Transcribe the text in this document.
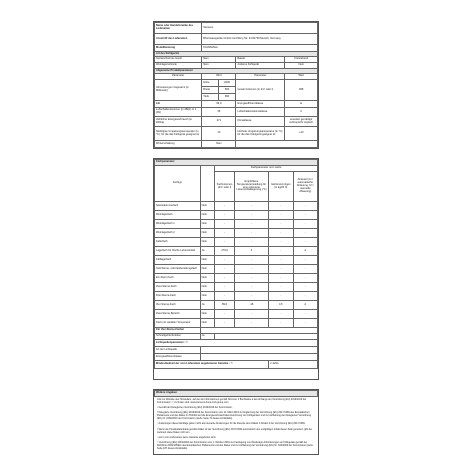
Name oder Handelsmarke des Lieferanten	Siemens			
Anschrift des Lieferanten	BSH Hausgeräte GmbH Carl-Wery-Str. 34 81739 Munich, Germany			
Modellkennung	KG39NVIEA			
Art des Kühlgeräts				
Geräuscharmes Gerät	Nein		Bauart	Freistehend
Weinlagerschrank	Nein		Anderes Kühlgerät	Nein
Allgemeine Produktparameter				
Parameter	Wert		Parameter	Wert
Abmessungen insgesamt (in Millimeter)	Höhe	2030	Gesamtvolumen (in dm³ oder l)	368
	Breite	600		
	Tiefe	660		
EEI	99,9		Energieeffizienzklasse	E
Luftschallemissionen (in dB(A) re 1 pW)	36		Luftschallemissionsklasse	C
Jährlicher Energieverbrauch (in kWh/a)	271		Klimaklasse	erweitert gemäßigt/ subtropisch/ tropisch
Niedrigste Umgebungstemperatur (in °C), für die das Kühlgerät geeignet ist	10		Höchste Umgebungstemperatur (in °C), für die das Kühlgerät geeignet ist	+43
Winterschaltung	Nein			
Fachparameter					
Fachtyp		Fachparameter und -werte			
		Fachvolumen (dm³ oder l)	Empfohlene Temperatureinstellung für eine optimierte Lebensmittellagerung (°C)	Gefriervermögen (in kg/24 h)	Abtauart (A = automatische Abtauung, M = manuelle Abtauung)
Speisekammerfach	Nein	-	-	-	-
Weinlagerfach	Nein	-	-	-	-
Weinlagerfach 1	Nein	-	-	-	-
Weinlagerfach 2	Nein	-	-	-	-
Kellerfach	Nein	-	-	-	-
Lagerfach für frische Lebensmittel	Ja	279,0	4	-	A
Kaltlagerfach	Nein	-	-	-	-
Null-Sterne- oder Eisbereitungsfach	Nein	-	-	-	-
Ein-Stern-Fach	Nein	-	-	-	-
Zwei-Sterne-Fach	Nein	-	-	-	-
Drei-Sterne-Fach	Nein	-	-	-	-
Vier-Sterne-Fach	Ja	89,0	-18	4,5	A
Zwei-Sterne-Bereich	Nein	-	-	-	-
Fach mit variabler Temperatur	Nein	-	-	-	-
Für Vier-Sterne-Fächer					
Schnellgefrierfunktion	Ja				
Lichtquellenparameter ᵃ ᵇ:					
Art der Lichtquelle					
Energieeffizienzklasse					
Mindestlaufzeit der vom Lieferanten angebotenen Garantie ᶜ ᵈ:				2 Jahre	
Weitere Angaben

Link zur Website des Herstellers, auf der die Informationen gemäß Nummer 4 Buchstabe a des Anhangs der Verordnung (EU) 2019/2019 der Kommission ᵇ ¹⁾ zu finden sind: www.siemens-home.bsh-group.com

ᵃ Gemäß der Delegierten Verordnung (EU) 2019/2016 der Kommission.

ᵇ Delegierte Verordnung (EU) 2019/2016 der Kommission vom 11. März 2019 zur Ergänzung der Verordnung (EU) 2017/1369 des Europäischen Parlaments und des Rates im Hinblick auf die Energieverbrauchskennzeichnung von Kühlgeräten und zur Aufhebung der Delegierten Verordnung (EU) Nr. 1060/2010 der Kommission (siehe Seite 72 dieses Amtsblatts).

ᶜ Änderungen dieser Einträge gelten nicht als relevante Änderungen für die Zwecke des Artikels 4 Absatz 4 der Verordnung (EU) 2017/1369.

ᵈ Wenn die Produktdatenbank gemäß Artikel 12 der Verordnung (EU) 2017/1369 automatisch den endgültigen Inhalt dieser Zelle generiert, gibt der Lieferant diese Daten nicht ein.

ᵉ wenn vom Lieferanten keine Garantie angeboten wird.

¹⁾ Verordnung (EU) 2019/2019 der Kommission vom 1. Oktober 2019 zur Festlegung von Ökodesign-Anforderungen an Kühlgeräte gemäß der Richtlinie 2009/125/EG des Europäischen Parlaments und des Rates und zur Aufhebung der Verordnung (EG) Nr. 643/2009 der Kommission (siehe Seite 187 dieses Amtsblatts).
